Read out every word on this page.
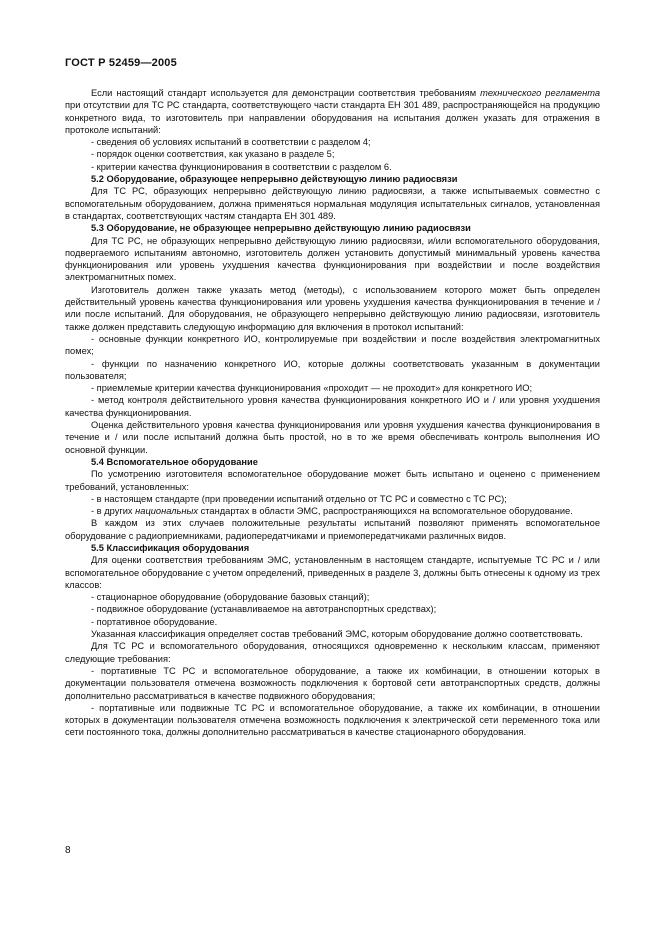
ГОСТ Р 52459—2005

Если настоящий стандарт используется для демонстрации соответствия требованиям технического регламента при отсутствии для ТС РС стандарта, соответствующего части стандарта ЕН 301 489, распространяющейся на продукцию конкретного вида, то изготовитель при направлении оборудования на испытания должен указать для отражения в протоколе испытаний:

- сведения об условиях испытаний в соответствии с разделом 4;

- порядок оценки соответствия, как указано в разделе 5;

- критерии качества функционирования в соответствии с разделом 6.

5.2 Оборудование, образующее непрерывно действующую линию радиосвязи

Для ТС РС, образующих непрерывно действующую линию радиосвязи, а также испытываемых совместно с вспомогательным оборудованием, должна применяться нормальная модуляция испытательных сигналов, установленная в стандартах, соответствующих частям стандарта ЕН 301 489.

5.3 Оборудование, не образующее непрерывно действующую линию радиосвязи

Для ТС РС, не образующих непрерывно действующую линию радиосвязи, и/или вспомогательного оборудования, подвергаемого испытаниям автономно, изготовитель должен установить допустимый минимальный уровень качества функционирования или уровень ухудшения качества функционирования при воздействии и после воздействия электромагнитных помех.

Изготовитель должен также указать метод (методы), с использованием которого может быть определен действительный уровень качества функционирования или уровень ухудшения качества функционирования в течение и / или после испытаний. Для оборудования, не образующего непрерывно действующую линию радиосвязи, изготовитель также должен представить следующую информацию для включения в протокол испытаний:

- основные функции конкретного ИО, контролируемые при воздействии и после воздействия электромагнитных помех;

- функции по назначению конкретного ИО, которые должны соответствовать указанным в документации пользователя;

- приемлемые критерии качества функционирования «проходит — не проходит» для конкретного ИО;

- метод контроля действительного уровня качества функционирования конкретного ИО и / или уровня ухудшения качества функционирования.

Оценка действительного уровня качества функционирования или уровня ухудшения качества функционирования в течение и / или после испытаний должна быть простой, но в то же время обеспечивать контроль выполнения ИО основной функции.

5.4 Вспомогательное оборудование

По усмотрению изготовителя вспомогательное оборудование может быть испытано и оценено с применением требований, установленных:

- в настоящем стандарте (при проведении испытаний отдельно от ТС РС и совместно с ТС РС);

- в других национальных стандартах в области ЭМС, распространяющихся на вспомогательное оборудование.

В каждом из этих случаев положительные результаты испытаний позволяют применять вспомогательное оборудование с радиоприемниками, радиопередатчиками и приемопередатчиками различных видов.

5.5 Классификация оборудования

Для оценки соответствия требованиям ЭМС, установленным в настоящем стандарте, испытуемые ТС РС и / или вспомогательное оборудование с учетом определений, приведенных в разделе 3, должны быть отнесены к одному из трех классов:

- стационарное оборудование (оборудование базовых станций);

- подвижное оборудование (устанавливаемое на автотранспортных средствах);

- портативное оборудование.

Указанная классификация определяет состав требований ЭМС, которым оборудование должно соответствовать.

Для ТС РС и вспомогательного оборудования, относящихся одновременно к нескольким классам, применяют следующие требования:

- портативные ТС РС и вспомогательное оборудование, а также их комбинации, в отношении которых в документации пользователя отмечена возможность подключения к бортовой сети автотранспортных средств, должны дополнительно рассматриваться в качестве подвижного оборудования;

- портативные или подвижные ТС РС и вспомогательное оборудование, а также их комбинации, в отношении которых в документации пользователя отмечена возможность подключения к электрической сети переменного тока или сети постоянного тока, должны дополнительно рассматриваться в качестве стационарного оборудования.

8
